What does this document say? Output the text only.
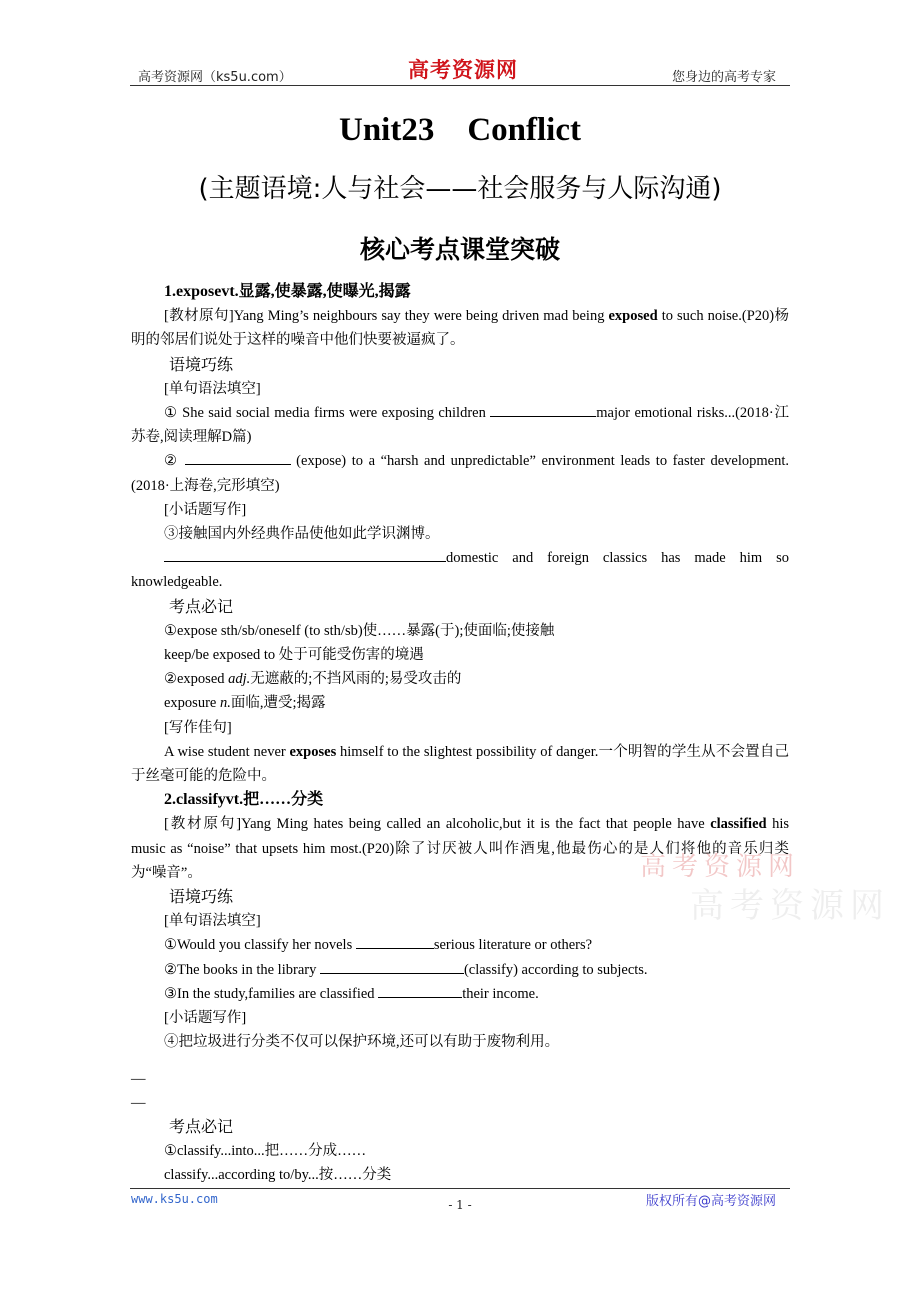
高考资源网（ks5u.com）	高考资源网	您身边的高考专家
Unit23    Conflict
(主题语境:人与社会——社会服务与人际沟通)
核心考点课堂突破
高考资源网
高考资源网

1.exposevt.显露,使暴露,使曝光,揭露

[教材原句]Yang Ming’s neighbours say they were being driven mad being exposed to such noise.(P20)杨明的邻居们说处于这样的噪音中他们快要被逼疯了。

语境巧练

[单句语法填空]

① She said social media firms were exposing children	major emotional risks...(2018·江苏卷,阅读理解D篇)

②	(expose) to a “harsh and unpredictable” environment leads to faster development.(2018·上海卷,完形填空)

[小话题写作]

③接触国内外经典作品使他如此学识渊博。

domestic and foreign classics has made him so knowledgeable.

考点必记

①expose sth/sb/oneself (to sth/sb)使……暴露(于);使面临;使接触

keep/be exposed to 处于可能受伤害的境遇

②exposed adj.无遮蔽的;不挡风雨的;易受攻击的

exposure n.面临,遭受;揭露

[写作佳句]

A wise student never exposes himself to the slightest possibility of danger.一个明智的学生从不会置自己于丝毫可能的危险中。

2.classifyvt.把……分类

[教材原句]Yang Ming hates being called an alcoholic,but it is the fact that people have classified his music as “noise” that upsets him most.(P20)除了讨厌被人叫作酒鬼,他最伤心的是人们将他的音乐归类为“噪音”。

语境巧练

[单句语法填空]

①Would you classify her novels	serious literature or others?

②The books in the library	(classify) according to subjects.

③In the study,families are classified	their income.

[小话题写作]

④把垃圾进行分类不仅可以保护环境,还可以有助于废物利用。

—

—

考点必记

①classify...into...把……分成……

classify...according to/by...按……分类

www.ks5u.com	- 1 -	版权所有@高考资源网
